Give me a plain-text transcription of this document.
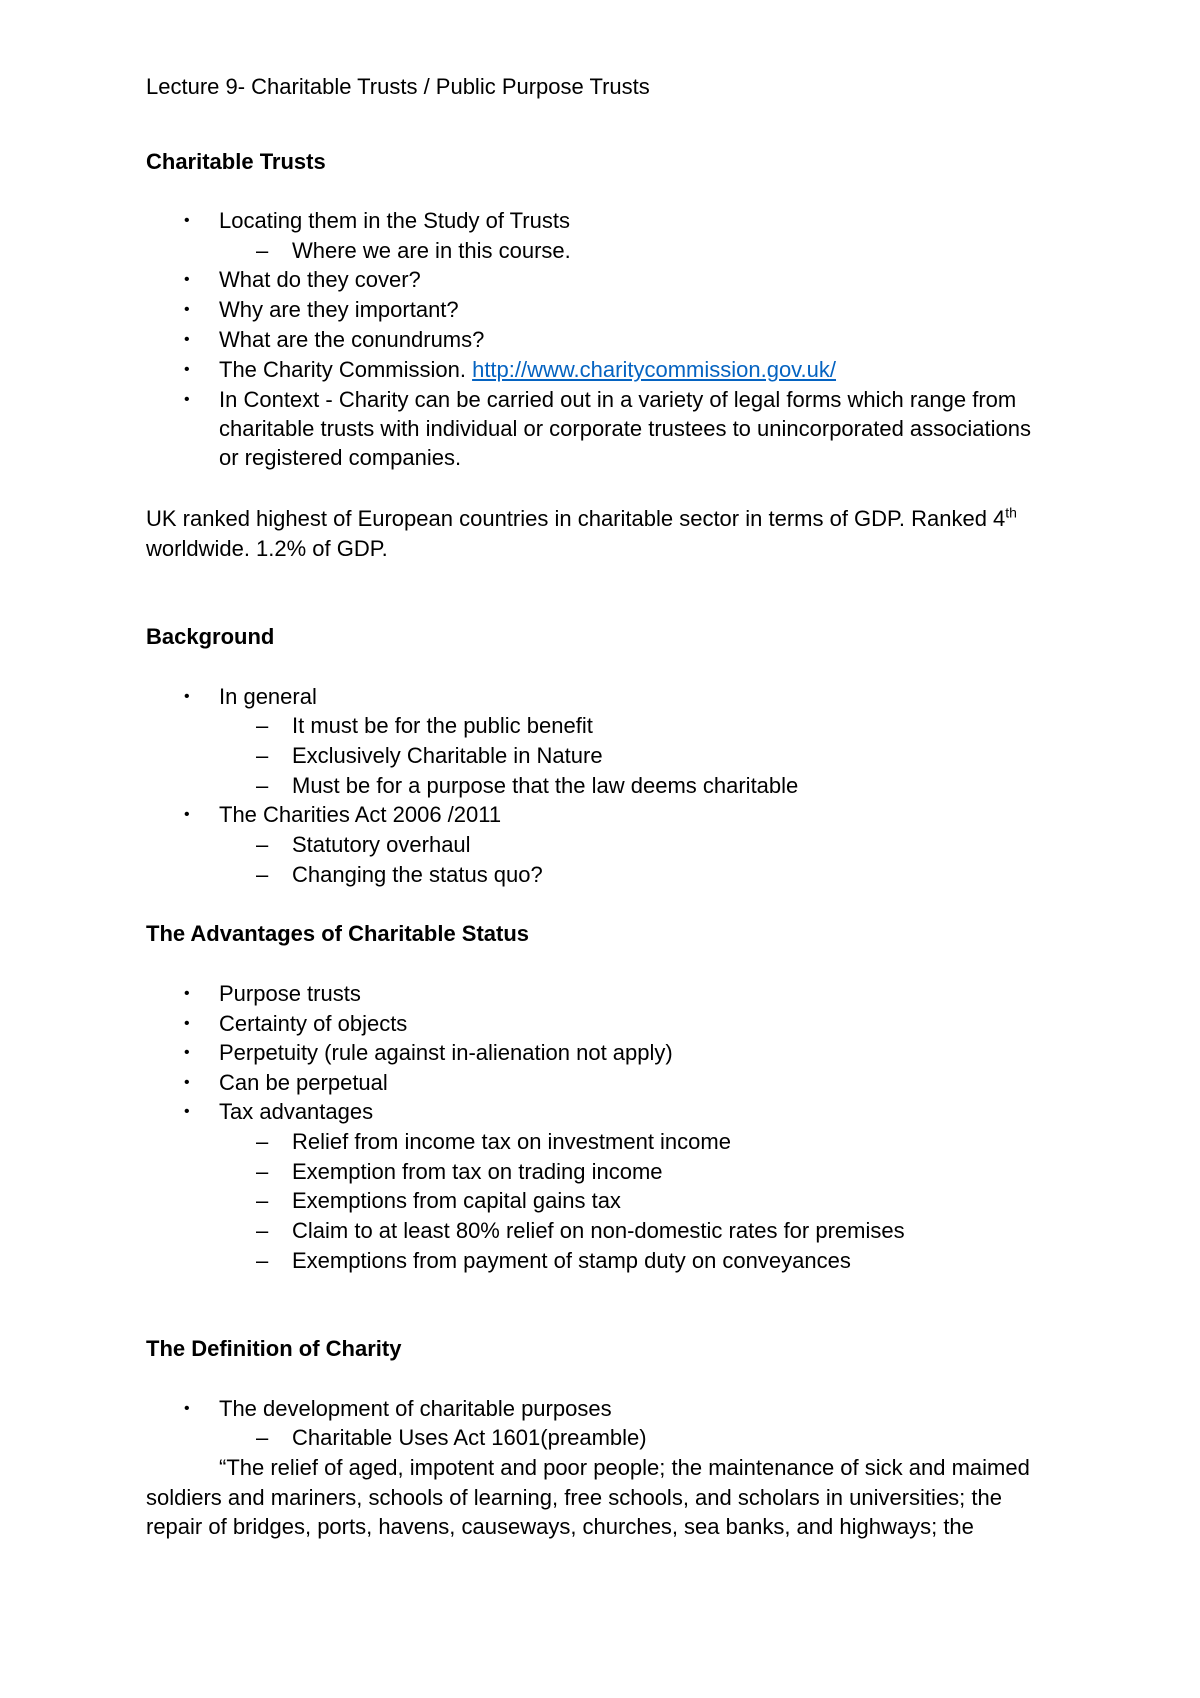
Lecture 9- Charitable Trusts / Public Purpose Trusts
Charitable Trusts
• Locating them in the Study of Trusts
– Where we are in this course.
• What do they cover?
• Why are they important?
• What are the conundrums?
• The Charity Commission. http://www.charitycommission.gov.uk/
• In Context - Charity can be carried out in a variety of legal forms which range from
charitable trusts with individual or corporate trustees to unincorporated associations
or registered companies.
UK ranked highest of European countries in charitable sector in terms of GDP. Ranked 4th
worldwide. 1.2% of GDP.
Background
• In general
– It must be for the public benefit
– Exclusively Charitable in Nature
– Must be for a purpose that the law deems charitable
• The Charities Act 2006 /2011
– Statutory overhaul
– Changing the status quo?
The Advantages of Charitable Status
• Purpose trusts
• Certainty of objects
• Perpetuity (rule against in-alienation not apply)
• Can be perpetual
• Tax advantages
– Relief from income tax on investment income
– Exemption from tax on trading income
– Exemptions from capital gains tax
– Claim to at least 80% relief on non-domestic rates for premises
– Exemptions from payment of stamp duty on conveyances
The Definition of Charity
• The development of charitable purposes
– Charitable Uses Act 1601(preamble)
“The relief of aged, impotent and poor people; the maintenance of sick and maimed
soldiers and mariners, schools of learning, free schools, and scholars in universities; the
repair of bridges, ports, havens, causeways, churches, sea banks, and highways; the
